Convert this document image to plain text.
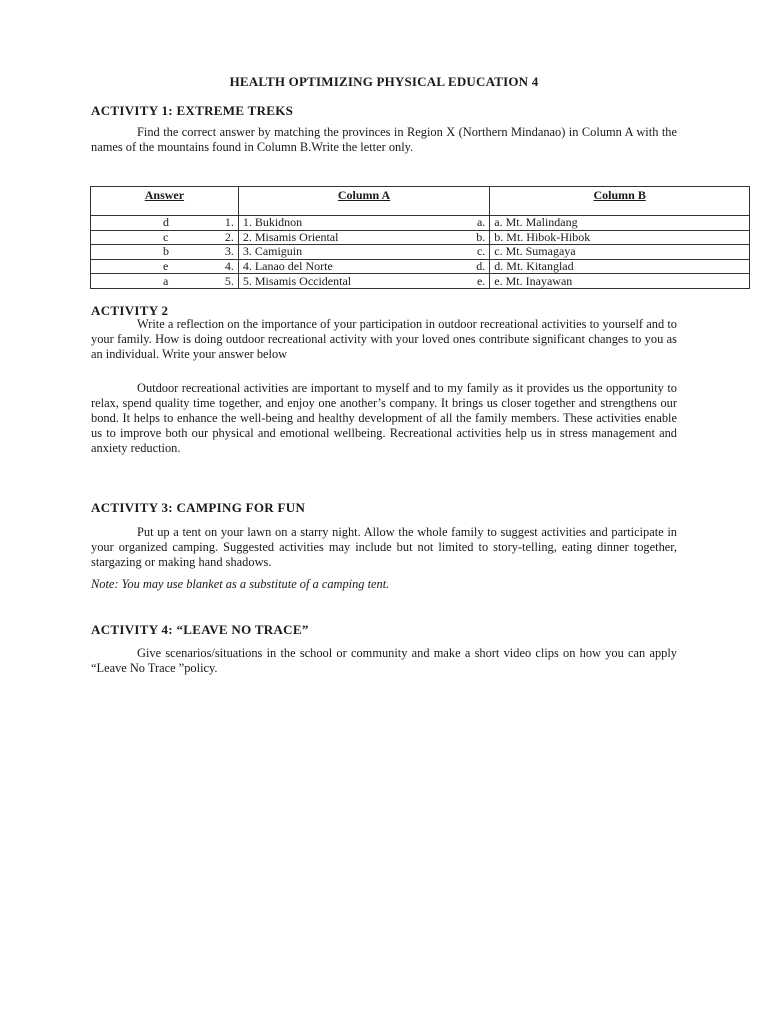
HEALTH OPTIMIZING PHYSICAL EDUCATION 4
ACTIVITY 1: EXTREME TREKS

Find the correct answer by matching the provinces in Region X (Northern Mindanao) in Column A with the names of the mountains found in Column B.Write the letter only.

Answer	Column A	Column B

d 1.	1. Bukidnon a.	a. Mt. Malindang

c 2.	2. Misamis Oriental b.	b. Mt. Hibok-Hibok

b 3.	3. Camiguin c.	c. Mt. Sumagaya

e 4.	4. Lanao del Norte d.	d. Mt. Kitanglad

a 5.	5. Misamis Occidental e.	e. Mt. Inayawan
ACTIVITY 2

Write a reflection on the importance of your participation in outdoor recreational activities to yourself and to your family. How is doing outdoor recreational activity with your loved ones contribute significant changes to you as an individual. Write your answer below

Outdoor recreational activities are important to myself and to my family as it provides us the opportunity to relax, spend quality time together, and enjoy one another’s company. It brings us closer together and strengthens our bond. It helps to enhance the well-being and healthy development of all the family members. These activities enable us to improve both our physical and emotional wellbeing. Recreational activities help us in stress management and anxiety reduction.

ACTIVITY 3: CAMPING FOR FUN

Put up a tent on your lawn on a starry night. Allow the whole family to suggest activities and participate in your organized camping. Suggested activities may include but not limited to story-telling, eating dinner together, stargazing or making hand shadows.

Note: You may use blanket as a substitute of a camping tent.
ACTIVITY 4: “LEAVE NO TRACE”

Give scenarios/situations in the school or community and make a short video clips on how you can apply “Leave No Trace ”policy.
